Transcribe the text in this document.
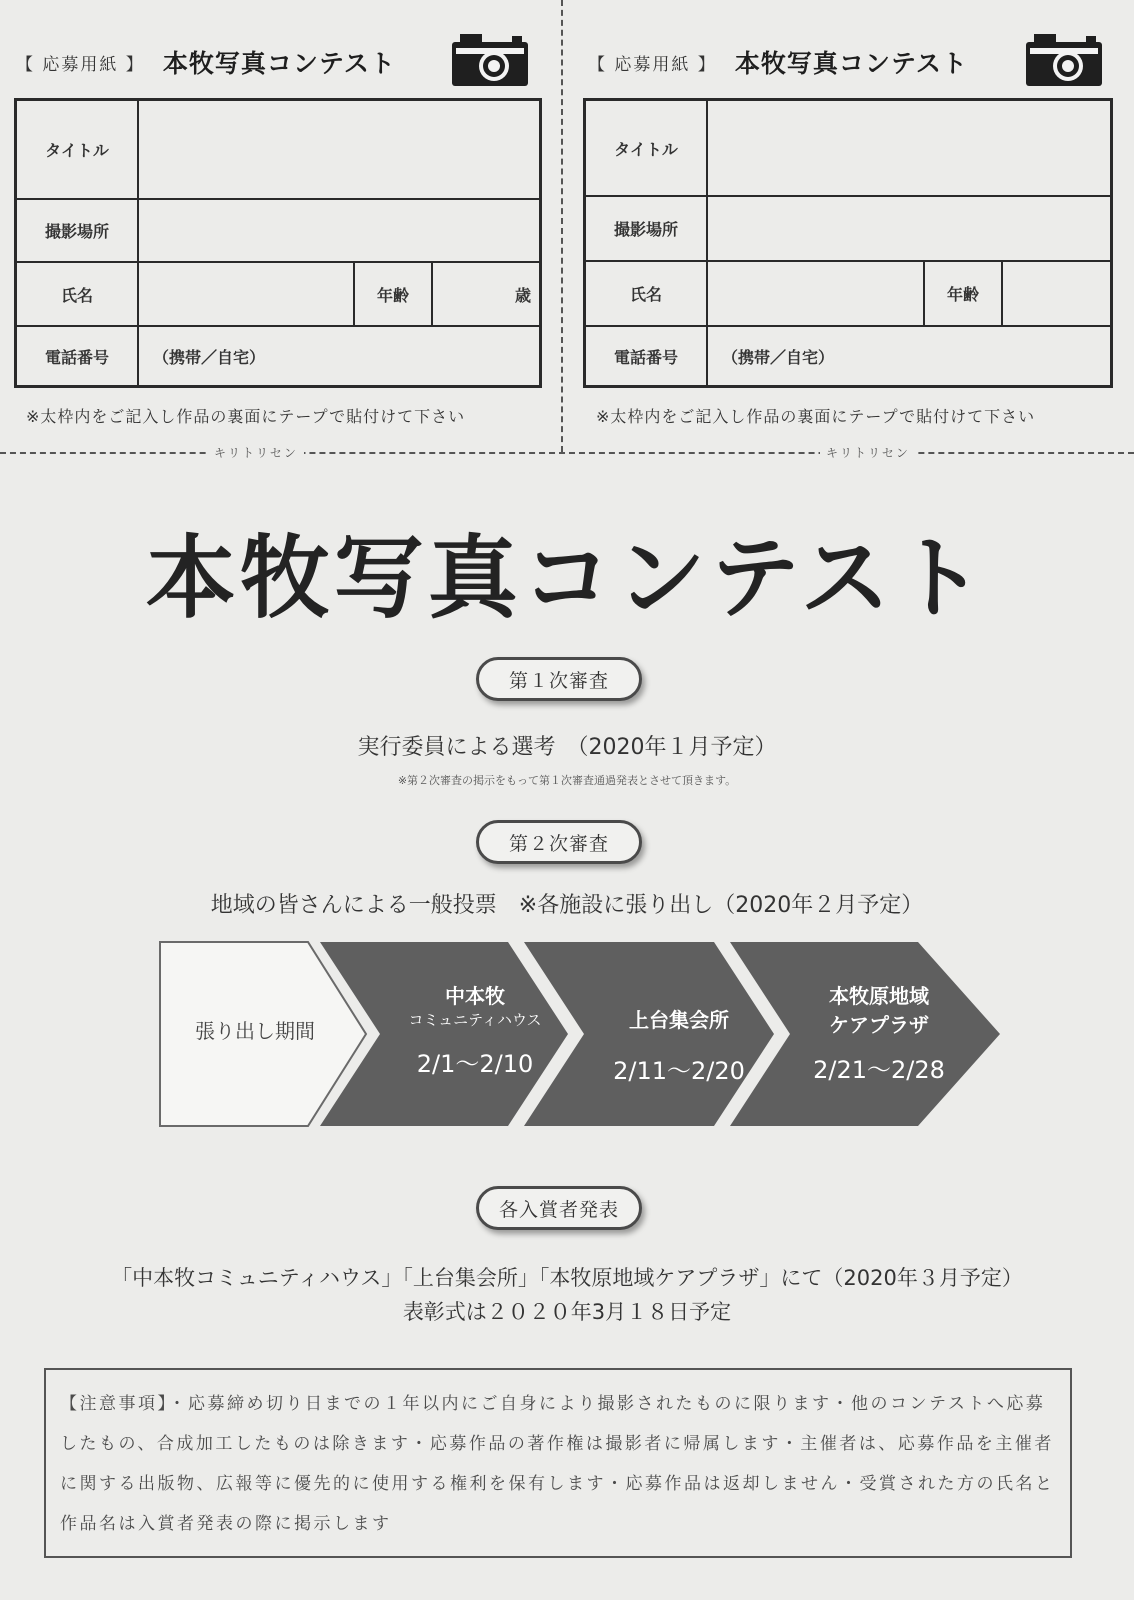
【 応募用紙 】 本牧写真コンテスト
タイトル
撮影場所
氏名	年齢	歳
電話番号	（携帯／自宅）
※太枠内をご記入し作品の裏面にテープで貼付けて下さい
【 応募用紙 】 本牧写真コンテスト
タイトル
撮影場所
氏名	年齢
電話番号	（携帯／自宅）
※太枠内をご記入し作品の裏面にテープで貼付けて下さい
キリトリセン	キリトリセン
本牧写真コンテスト
第１次審査
実行委員による選考　（2020年１月予定）
※第２次審査の掲示をもって第１次審査通過発表とさせて頂きます。
第２次審査
地域の皆さんによる一般投票　※各施設に張り出し（2020年２月予定）
張り出し期間
中本牧
コミュニティハウス
2/1～2/10
上台集会所
2/11～2/20
本牧原地域
ケアプラザ
2/21～2/28
各入賞者発表
「中本牧コミュニティハウス」「上台集会所」「本牧原地域ケアプラザ」にて（2020年３月予定）
表彰式は２０２０年3月１８日予定
【注意事項】・応募締め切り日までの１年以内にご自身により撮影されたものに限ります・他のコンテストへ応募したもの、合成加工したものは除きます・応募作品の著作権は撮影者に帰属します・主催者は、応募作品を主催者に関する出版物、広報等に優先的に使用する権利を保有します・応募作品は返却しません・受賞された方の氏名と作品名は入賞者発表の際に掲示します
